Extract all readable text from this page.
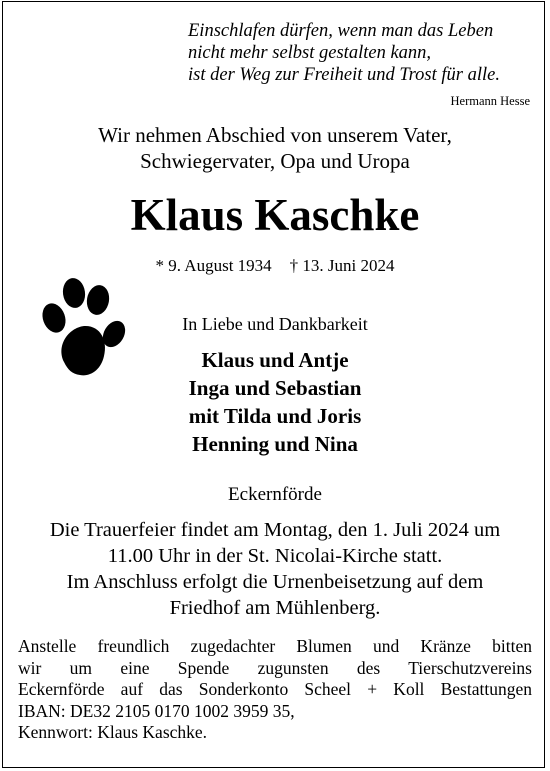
Einschlafen dürfen, wenn man das Leben
nicht mehr selbst gestalten kann,
ist der Weg zur Freiheit und Trost für alle.
Hermann Hesse
Wir nehmen Abschied von unserem Vater,
Schwiegervater, Opa und Uropa
Klaus Kaschke
* 9. August 1934 † 13. Juni 2024
In Liebe und Dankbarkeit
Klaus und Antje
Inga und Sebastian
mit Tilda und Joris
Henning und Nina
Eckernförde
Die Trauerfeier findet am Montag, den 1. Juli 2024 um
11.00 Uhr in der St. Nicolai-Kirche statt.
Im Anschluss erfolgt die Urnenbeisetzung auf dem
Friedhof am Mühlenberg.
Anstelle freundlich zugedachter Blumen und Kränze bitten
wir um eine Spende zugunsten des Tierschutzvereins
Eckernförde auf das Sonderkonto Scheel + Koll Bestattungen
IBAN: DE32 2105 0170 1002 3959 35,
Kennwort: Klaus Kaschke.
